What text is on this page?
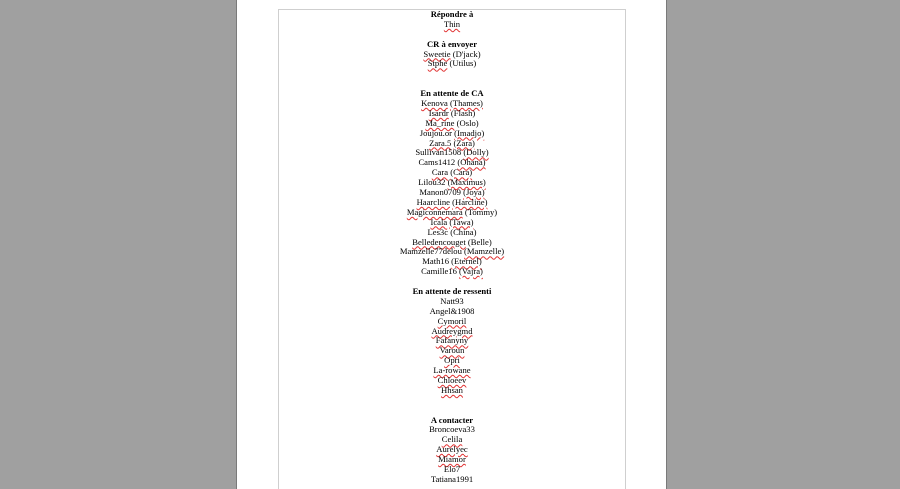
Répondre à
Thin
CR à envoyer
Sweetie (D'jack)
Stphe (Utilus)
En attente de CA
Kenova (Thames)
Isardr (Flash)
Ma_rine (Oslo)
Joujou.or (Imadjo)
Zara.5 (Zara)
Sullivan1508 (Dolly)
Cams1412 (Ohana)
Cara (Cara)
Lilou32 (Maximus)
Manon0709 (Joya)
Haarcline (Harcline)
Magiconnemara (Tommy)
Icala (Tawa)
Les3c (China)
Belledencouget (Belle)
Mamzelle77delou (Mamzelle)
Math16 (Eternel)
Camille16 (Vajra)
En attente de ressenti
Natt93
Angel&1908
Cymoril
Audreygmd
Fafanyny
Varoun
Opri
La-rowane
Chloeev
Hhsan
A contacter
Broncoeva33
Celila
Aurelyec
Miamor
Elo7
Tatiana1991
